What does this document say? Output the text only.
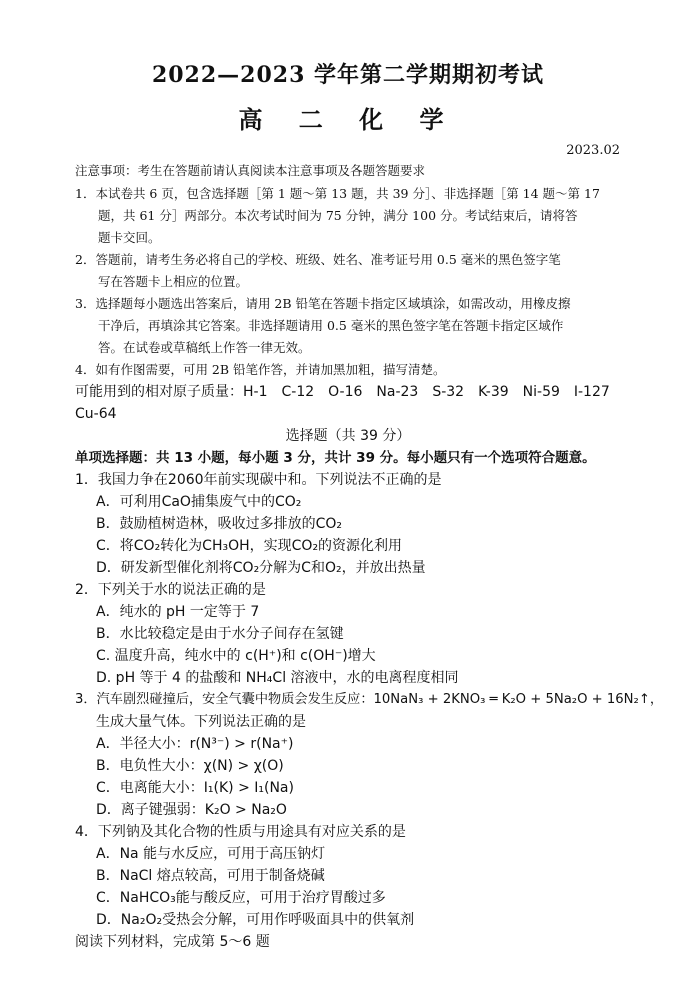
2022—2023 学年第二学期期初考试
高 二 化 学
2023.02
注意事项：考生在答题前请认真阅读本注意事项及各题答题要求
1．本试卷共 6 页，包含选择题［第 1 题～第 13 题，共 39 分］、非选择题［第 14 题～第 17
题，共 61 分］两部分。本次考试时间为 75 分钟，满分 100 分。考试结束后，请将答
题卡交回。
2．答题前，请考生务必将自己的学校、班级、姓名、准考证号用 0.5 毫米的黑色签字笔
写在答题卡上相应的位置。
3．选择题每小题选出答案后，请用 2B 铅笔在答题卡指定区域填涂，如需改动，用橡皮擦
干净后，再填涂其它答案。非选择题请用 0.5 毫米的黑色签字笔在答题卡指定区域作
答。在试卷或草稿纸上作答一律无效。
4．如有作图需要，可用 2B 铅笔作答，并请加黑加粗，描写清楚。
可能用到的相对原子质量：H-1　C-12　O-16　Na-23　S-32　K-39　Ni-59　I-127
Cu-64
选择题（共 39 分）
单项选择题：共 13 小题，每小题 3 分，共计 39 分。每小题只有一个选项符合题意。
1．我国力争在2060年前实现碳中和。下列说法不正确的是
A．可利用CaO捕集废气中的CO₂
B．鼓励植树造林，吸收过多排放的CO₂
C．将CO₂转化为CH₃OH，实现CO₂的资源化利用
D．研发新型催化剂将CO₂分解为C和O₂，并放出热量
2．下列关于水的说法正确的是
A．纯水的 pH 一定等于 7
B．水比较稳定是由于水分子间存在氢键
C. 温度升高，纯水中的 c(H⁺)和 c(OH⁻)增大
D. pH 等于 4 的盐酸和 NH₄Cl 溶液中，水的电离程度相同
3．汽车剧烈碰撞后，安全气囊中物质会发生反应：10NaN₃ + 2KNO₃ ═ K₂O + 5Na₂O + 16N₂↑，
生成大量气体。下列说法正确的是
A．半径大小：r(N³⁻) > r(Na⁺)
B．电负性大小：χ(N) > χ(O)
C．电离能大小：I₁(K) > I₁(Na)
D．离子键强弱：K₂O > Na₂O
4．下列钠及其化合物的性质与用途具有对应关系的是
A．Na 能与水反应，可用于高压钠灯
B．NaCl 熔点较高，可用于制备烧碱
C．NaHCO₃能与酸反应，可用于治疗胃酸过多
D．Na₂O₂受热会分解，可用作呼吸面具中的供氧剂
阅读下列材料，完成第 5～6 题
